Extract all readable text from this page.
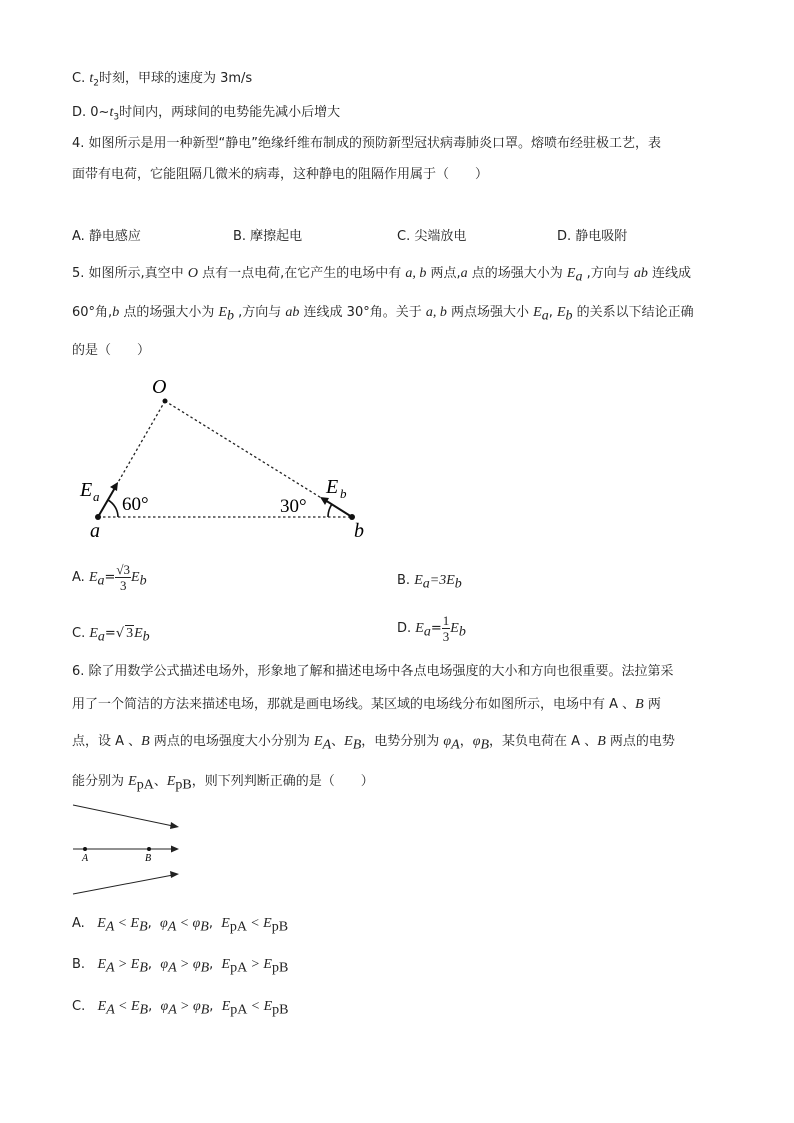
C. $t_2$时刻，甲球的速度为 3m/s
D. $0\sim t_3$时间内，两球间的电势能先减小后增大
4. 如图所示是用一种新型“静电”绝缘纤维布制成的预防新型冠状病毒肺炎口罩。熔喷布经驻极工艺，表
面带有电荷，它能阻隔几微米的病毒，这种静电的阻隔作用属于（　　）
A. 静电感应	B. 摩擦起电	C. 尖端放电	D. 静电吸附
5. 如图所示,真空中 O 点有一点电荷,在它产生的电场中有 a, b 两点,a 点的场强大小为 $E_a$ ,方向与 ab 连线成
60°角,b 点的场强大小为 $E_b$ ,方向与 ab 连线成 30°角。关于 a, b 两点场强大小 $E_a$, $E_b$ 的关系以下结论正确
的是（　　）
O
E a 60°	30°
E b
a	b
A. $E_a= \frac{√3}{3} E_b$	B. $E_a=3E_b$
C. $E_a=√$ $3E_b$
D. $E_a= \frac{1}{3} E_b$
6. 除了用数学公式描述电场外，形象地了解和描述电场中各点电场强度的大小和方向也很重要。法拉第采
用了一个简洁的方法来描述电场，那就是画电场线。某区域的电场线分布如图所示，电场中有 A 、B 两
点，设 A 、B 两点的电场强度大小分别为 $E_A$、$E_B$，电势分别为 $\varphi_A$，$\varphi_B$，某负电荷在 A 、B 两点的电势
能分别为 $E_{pA}$、$E_{pB}$，则下列判断正确的是（　　）
A	B
A. $E_A < E_B$,  $\varphi_A < \varphi_B$,  $E_{pA} < E_{pB}$
B. $E_A > E_B$,  $\varphi_A > \varphi_B$,  $E_{pA} > E_{pB}$
C. $E_A < E_B$,  $\varphi_A > \varphi_B$,  $E_{pA} < E_{pB}$
